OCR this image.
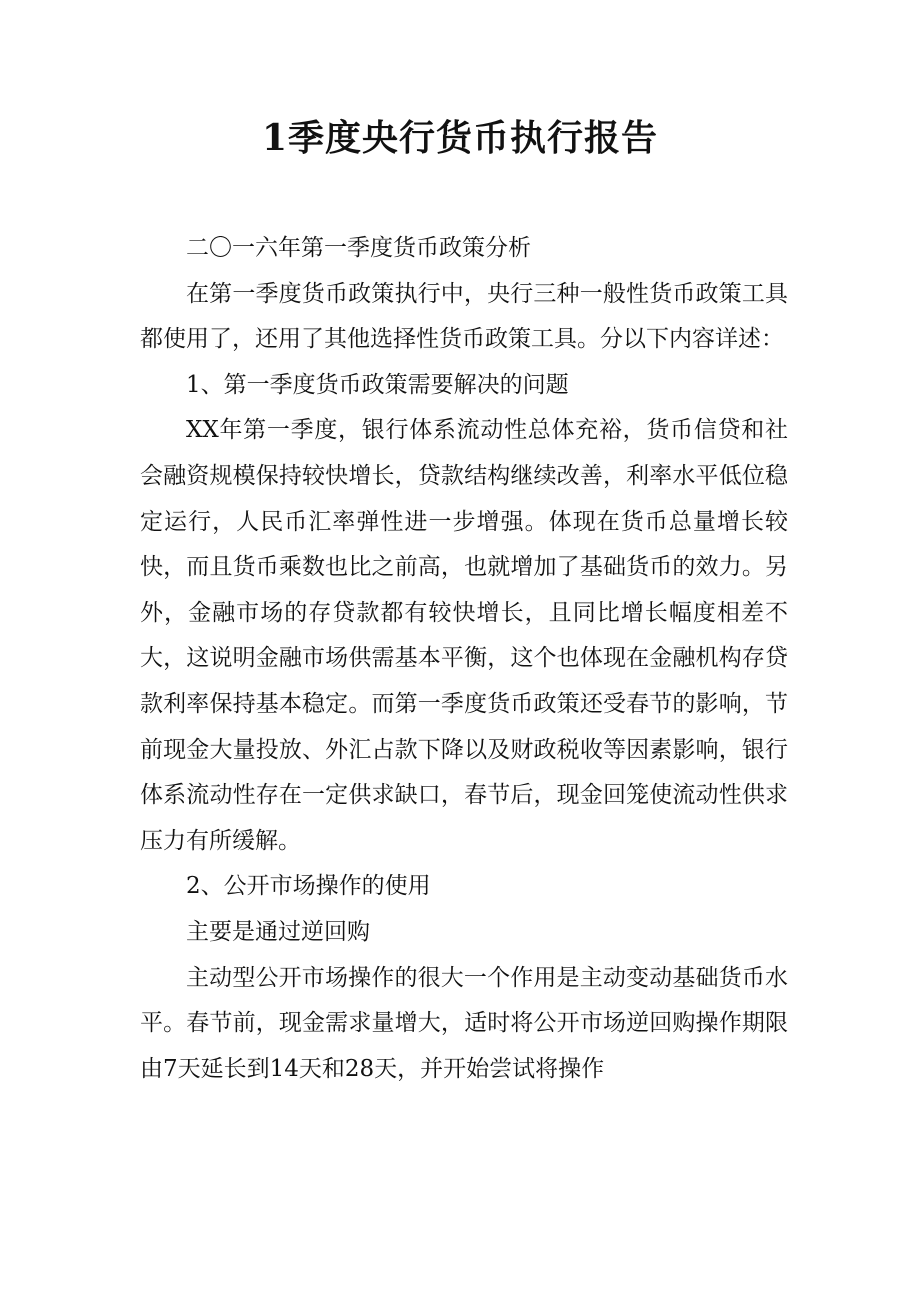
1季度央行货币执行报告

二〇一六年第一季度货币政策分析

在第一季度货币政策执行中，央行三种一般性货币政策工具都使用了，还用了其他选择性货币政策工具。分以下内容详述：

1、第一季度货币政策需要解决的问题

XX年第一季度，银行体系流动性总体充裕，货币信贷和社会融资规模保持较快增长，贷款结构继续改善，利率水平低位稳定运行，人民币汇率弹性进一步增强。体现在货币总量增长较快，而且货币乘数也比之前高，也就增加了基础货币的效力。另外，金融市场的存贷款都有较快增长，且同比增长幅度相差不大，这说明金融市场供需基本平衡，这个也体现在金融机构存贷款利率保持基本稳定。而第一季度货币政策还受春节的影响，节前现金大量投放、外汇占款下降以及财政税收等因素影响，银行体系流动性存在一定供求缺口，春节后，现金回笼使流动性供求压力有所缓解。

2、公开市场操作的使用

主要是通过逆回购

主动型公开市场操作的很大一个作用是主动变动基础货币水平。春节前，现金需求量增大，适时将公开市场逆回购操作期限由7天延长到14天和28天，并开始尝试将操作
